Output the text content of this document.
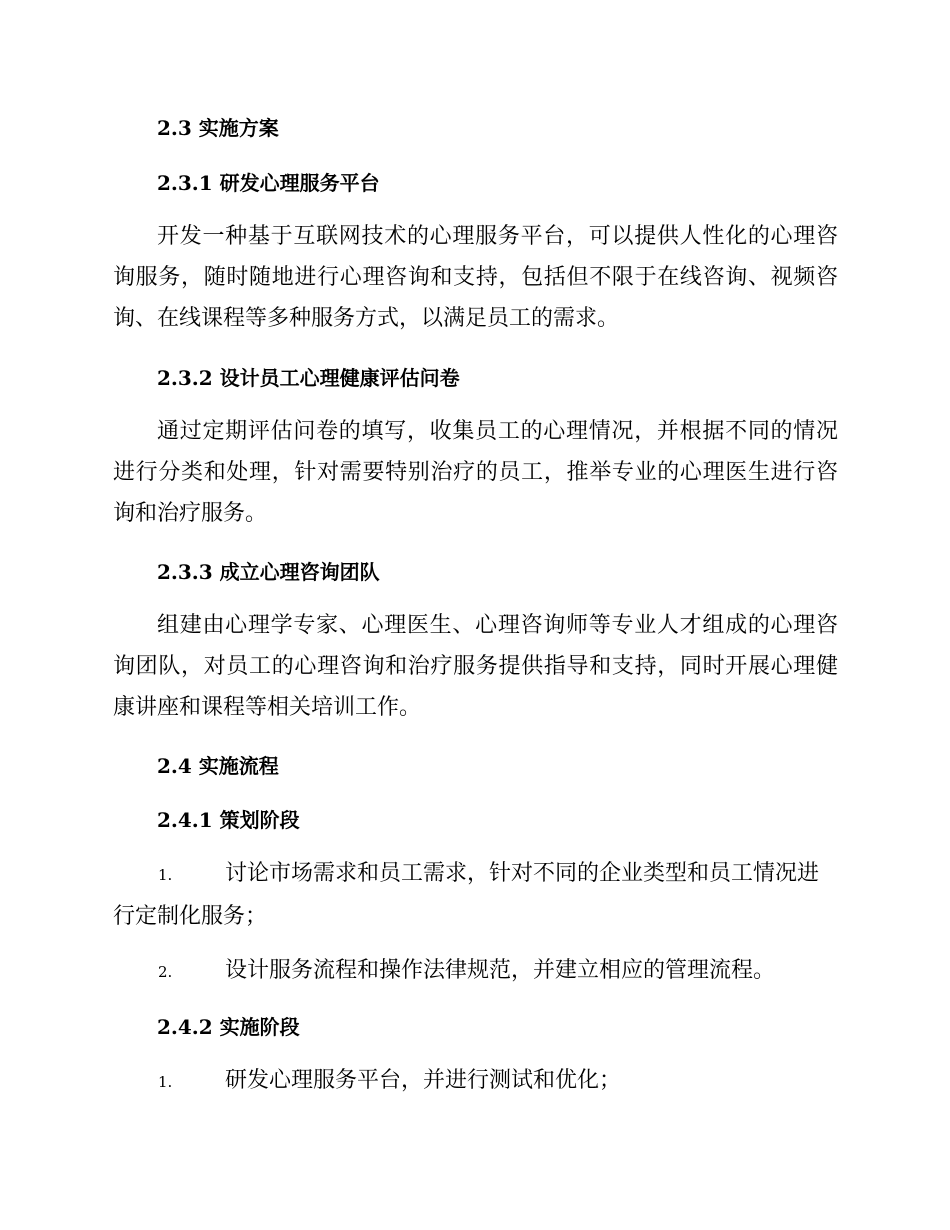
2.3 实施方案
2.3.1 研发心理服务平台
开发一种基于互联网技术的心理服务平台，可以提供人性化的心理咨询服务，随时随地进行心理咨询和支持，包括但不限于在线咨询、视频咨询、在线课程等多种服务方式，以满足员工的需求。
2.3.2 设计员工心理健康评估问卷
通过定期评估问卷的填写，收集员工的心理情况，并根据不同的情况进行分类和处理，针对需要特别治疗的员工，推举专业的心理医生进行咨询和治疗服务。
2.3.3 成立心理咨询团队
组建由心理学专家、心理医生、心理咨询师等专业人才组成的心理咨询团队，对员工的心理咨询和治疗服务提供指导和支持，同时开展心理健康讲座和课程等相关培训工作。
2.4 实施流程
2.4.1 策划阶段
1. 讨论市场需求和员工需求，针对不同的企业类型和员工情况进行定制化服务；
2. 设计服务流程和操作法律规范，并建立相应的管理流程。
2.4.2 实施阶段
1. 研发心理服务平台，并进行测试和优化；
